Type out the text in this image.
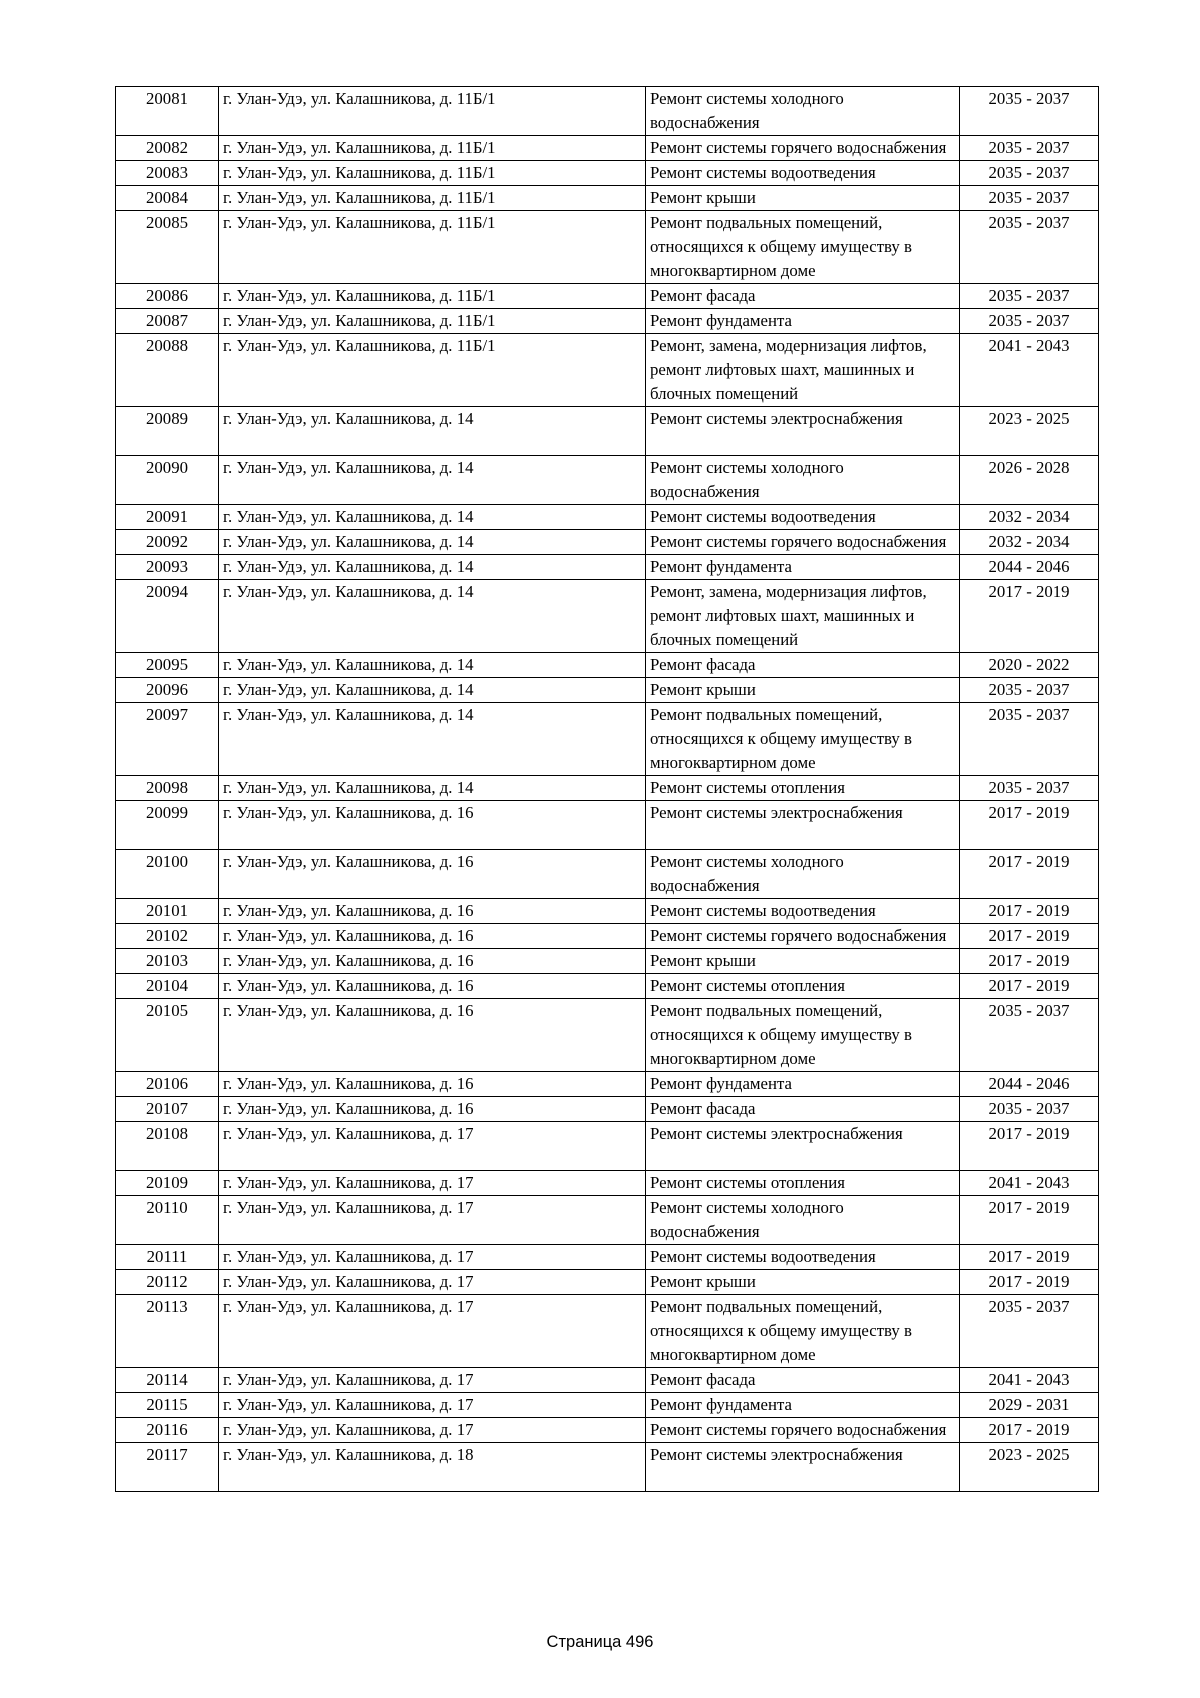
20081	г. Улан-Удэ, ул. Калашникова, д. 11Б/1	Ремонт системы холодного водоснабжения	2035 - 2037
20082	г. Улан-Удэ, ул. Калашникова, д. 11Б/1	Ремонт системы горячего водоснабжения	2035 - 2037
20083	г. Улан-Удэ, ул. Калашникова, д. 11Б/1	Ремонт системы водоотведения	2035 - 2037
20084	г. Улан-Удэ, ул. Калашникова, д. 11Б/1	Ремонт крыши	2035 - 2037
20085	г. Улан-Удэ, ул. Калашникова, д. 11Б/1	Ремонт подвальных помещений, относящихся к общему имуществу в многоквартирном доме	2035 - 2037
20086	г. Улан-Удэ, ул. Калашникова, д. 11Б/1	Ремонт фасада	2035 - 2037
20087	г. Улан-Удэ, ул. Калашникова, д. 11Б/1	Ремонт фундамента	2035 - 2037
20088	г. Улан-Удэ, ул. Калашникова, д. 11Б/1	Ремонт, замена, модернизация лифтов, ремонт лифтовых шахт, машинных и блочных помещений	2041 - 2043
20089	г. Улан-Удэ, ул. Калашникова, д. 14	Ремонт системы электроснабжения	2023 - 2025
20090	г. Улан-Удэ, ул. Калашникова, д. 14	Ремонт системы холодного водоснабжения	2026 - 2028
20091	г. Улан-Удэ, ул. Калашникова, д. 14	Ремонт системы водоотведения	2032 - 2034
20092	г. Улан-Удэ, ул. Калашникова, д. 14	Ремонт системы горячего водоснабжения	2032 - 2034
20093	г. Улан-Удэ, ул. Калашникова, д. 14	Ремонт фундамента	2044 - 2046
20094	г. Улан-Удэ, ул. Калашникова, д. 14	Ремонт, замена, модернизация лифтов, ремонт лифтовых шахт, машинных и блочных помещений	2017 - 2019
20095	г. Улан-Удэ, ул. Калашникова, д. 14	Ремонт фасада	2020 - 2022
20096	г. Улан-Удэ, ул. Калашникова, д. 14	Ремонт крыши	2035 - 2037
20097	г. Улан-Удэ, ул. Калашникова, д. 14	Ремонт подвальных помещений, относящихся к общему имуществу в многоквартирном доме	2035 - 2037
20098	г. Улан-Удэ, ул. Калашникова, д. 14	Ремонт системы отопления	2035 - 2037
20099	г. Улан-Удэ, ул. Калашникова, д. 16	Ремонт системы электроснабжения	2017 - 2019
20100	г. Улан-Удэ, ул. Калашникова, д. 16	Ремонт системы холодного водоснабжения	2017 - 2019
20101	г. Улан-Удэ, ул. Калашникова, д. 16	Ремонт системы водоотведения	2017 - 2019
20102	г. Улан-Удэ, ул. Калашникова, д. 16	Ремонт системы горячего водоснабжения	2017 - 2019
20103	г. Улан-Удэ, ул. Калашникова, д. 16	Ремонт крыши	2017 - 2019
20104	г. Улан-Удэ, ул. Калашникова, д. 16	Ремонт системы отопления	2017 - 2019
20105	г. Улан-Удэ, ул. Калашникова, д. 16	Ремонт подвальных помещений, относящихся к общему имуществу в многоквартирном доме	2035 - 2037
20106	г. Улан-Удэ, ул. Калашникова, д. 16	Ремонт фундамента	2044 - 2046
20107	г. Улан-Удэ, ул. Калашникова, д. 16	Ремонт фасада	2035 - 2037
20108	г. Улан-Удэ, ул. Калашникова, д. 17	Ремонт системы электроснабжения	2017 - 2019
20109	г. Улан-Удэ, ул. Калашникова, д. 17	Ремонт системы отопления	2041 - 2043
20110	г. Улан-Удэ, ул. Калашникова, д. 17	Ремонт системы холодного водоснабжения	2017 - 2019
20111	г. Улан-Удэ, ул. Калашникова, д. 17	Ремонт системы водоотведения	2017 - 2019
20112	г. Улан-Удэ, ул. Калашникова, д. 17	Ремонт крыши	2017 - 2019
20113	г. Улан-Удэ, ул. Калашникова, д. 17	Ремонт подвальных помещений, относящихся к общему имуществу в многоквартирном доме	2035 - 2037
20114	г. Улан-Удэ, ул. Калашникова, д. 17	Ремонт фасада	2041 - 2043
20115	г. Улан-Удэ, ул. Калашникова, д. 17	Ремонт фундамента	2029 - 2031
20116	г. Улан-Удэ, ул. Калашникова, д. 17	Ремонт системы горячего водоснабжения	2017 - 2019
20117	г. Улан-Удэ, ул. Калашникова, д. 18	Ремонт системы электроснабжения	2023 - 2025
Страница 496
